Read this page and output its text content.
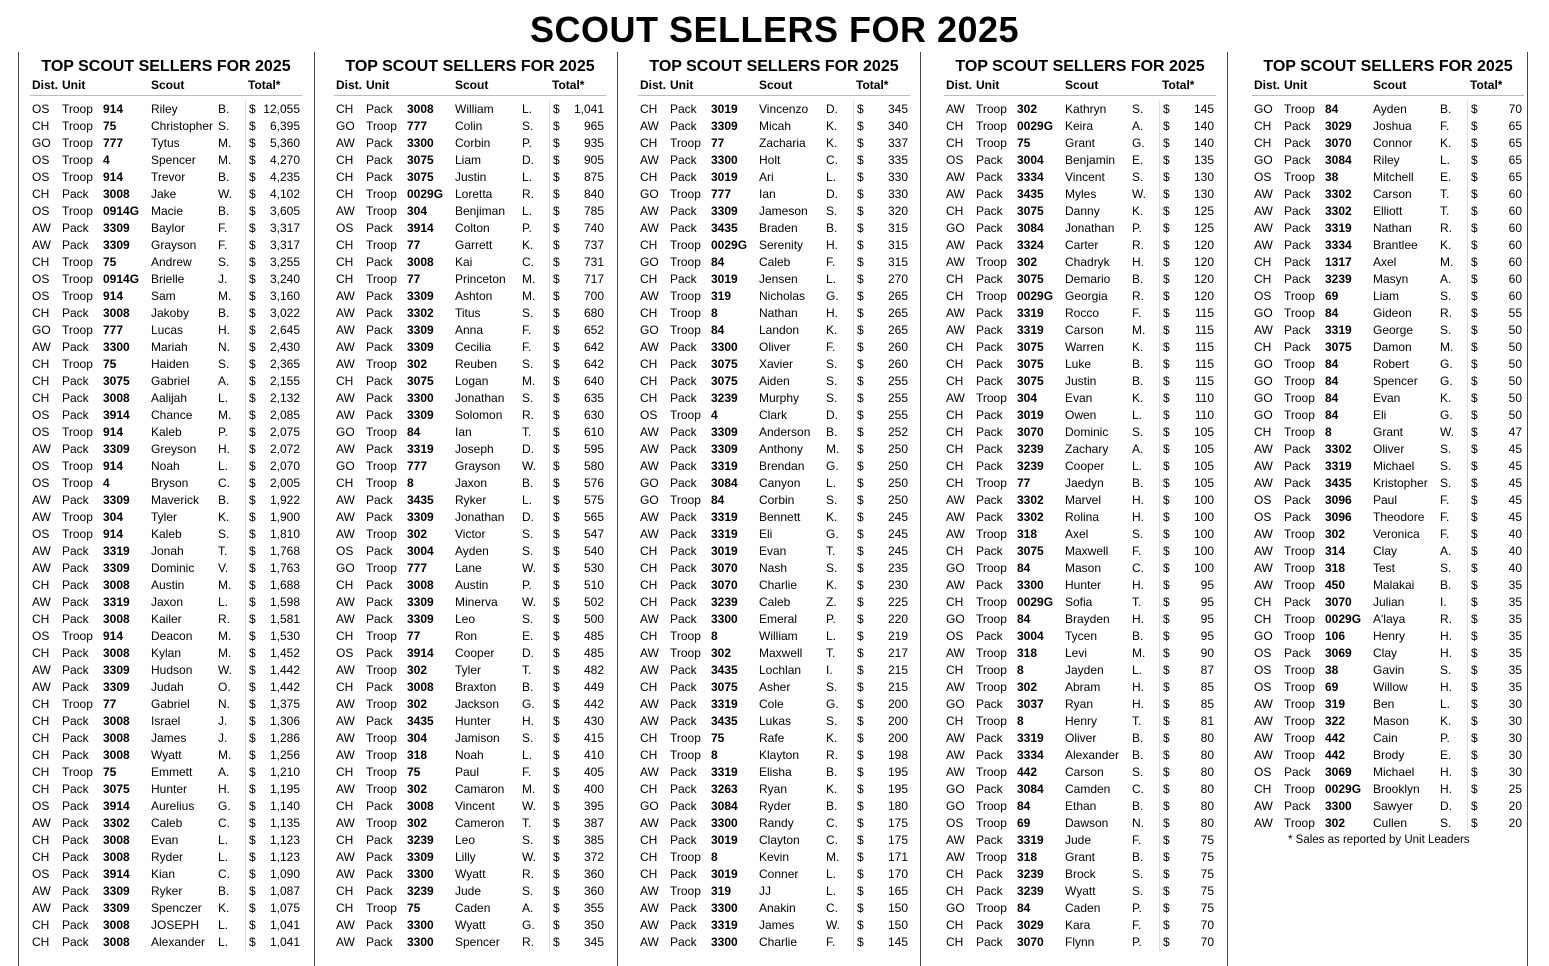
SCOUT SELLERS FOR 2025
TOP SCOUT SELLERS FOR 2025
Dist. Unit	Scout	Total*
OS	Troop 914	Riley	B.	$ 12,055
CH	Troop 75	Christopher S.	$	6,395
GO Troop 777	Tytus	M.	$	5,360
OS	Troop 4	Spencer	M.	$	4,270
OS	Troop 914	Trevor	B.	$	4,235
CH	Pack	3008	Jake	W.	$	4,102
OS	Troop 0914G Macie	B.	$	3,605
AW Pack	3309	Baylor	F.	$	3,317
AW Pack	3309	Grayson	F.	$	3,317
CH	Troop 75	Andrew	S.	$	3,255
OS	Troop 0914G Brielle	J.	$	3,240
OS	Troop 914	Sam	M.	$	3,160
CH	Pack	3008	Jakoby	B.	$	3,022
GO Troop 777	Lucas	H.	$	2,645
AW Pack	3300	Mariah	N.	$	2,430
CH	Troop 75	Haiden	S.	$	2,365
CH	Pack	3075	Gabriel	A.	$	2,155
CH	Pack	3008	Aalijah	L.	$	2,132
OS	Pack	3914	Chance	M.	$	2,085
OS	Troop 914	Kaleb	P.	$	2,075
AW Pack	3309	Greyson	H.	$	2,072
OS	Troop 914	Noah	L.	$	2,070
OS	Troop 4	Bryson	C.	$	2,005
AW Pack	3309	Maverick	B.	$	1,922
AW Troop 304	Tyler	K.	$	1,900
OS	Troop 914	Kaleb	S.	$	1,810
AW Pack	3319	Jonah	T.	$	1,768
AW Pack	3309	Dominic	V.	$	1,763
CH	Pack	3008	Austin	M.	$	1,688
AW Pack	3319	Jaxon	L.	$	1,598
CH	Pack	3008	Kailer	R.	$	1,581
OS	Troop 914	Deacon	M.	$	1,530
CH	Pack	3008	Kylan	M.	$	1,452
AW Pack	3309	Hudson	W.	$	1,442
AW Pack	3309	Judah	O.	$	1,442
CH	Troop 77	Gabriel	N.	$	1,375
CH	Pack	3008	Israel	J.	$	1,306
CH	Pack	3008	James	J.	$	1,286
CH	Pack	3008	Wyatt	M.	$	1,256
CH	Troop 75	Emmett	A.	$	1,210
CH	Pack	3075	Hunter	H.	$	1,195
OS	Pack	3914	Aurelius	G.	$	1,140
AW Pack	3302	Caleb	C.	$	1,135
CH	Pack	3008	Evan	L.	$	1,123
CH	Pack	3008	Ryder	L.	$	1,123
OS	Pack	3914	Kian	C.	$	1,090
AW Pack	3309	Ryker	B.	$	1,087
AW Pack	3309	Spenczer	K.	$	1,075
CH	Pack	3008	JOSEPH	L.	$	1,041
CH	Pack	3008	Alexander	L.	$	1,041
TOP SCOUT SELLERS FOR 2025
Dist. Unit	Scout	Total*
CH	Pack	3008	William	L.	$	1,041
GO Troop 777	Colin	S.	$	965
AW Pack	3300	Corbin	P.	$	935
CH	Pack	3075	Liam	D.	$	905
CH	Pack	3075	Justin	L.	$	875
CH	Troop 0029G Loretta	R.	$	840
AW Troop 304	Benjiman	L.	$	785
OS	Pack	3914	Colton	P.	$	740
CH	Troop 77	Garrett	K.	$	737
CH	Pack	3008	Kai	C.	$	731
CH	Troop 77	Princeton	M.	$	717
AW Pack	3309	Ashton	M.	$	700
AW Pack	3302	Titus	S.	$	680
AW Pack	3309	Anna	F.	$	652
AW Pack	3309	Cecilia	F.	$	642
AW Troop 302	Reuben	S.	$	642
CH	Pack	3075	Logan	M.	$	640
AW Pack	3300	Jonathan	S.	$	635
AW Pack	3309	Solomon	R.	$	630
GO Troop 84	Ian	T.	$	610
AW Pack	3319	Joseph	D.	$	595
GO Troop 777	Grayson	W.	$	580
CH	Troop 8	Jaxon	B.	$	576
AW Pack	3435	Ryker	L.	$	575
AW Pack	3309	Jonathan	D.	$	565
AW Troop 302	Victor	S.	$	547
OS	Pack	3004	Ayden	S.	$	540
GO Troop 777	Lane	W.	$	530
CH	Pack	3008	Austin	P.	$	510
AW Pack	3309	Minerva	W.	$	502
AW Pack	3309	Leo	S.	$	500
CH	Troop 77	Ron	E.	$	485
OS	Pack	3914	Cooper	D.	$	485
AW Troop 302	Tyler	T.	$	482
CH	Pack	3008	Braxton	B.	$	449
AW Troop 302	Jackson	G.	$	442
AW Pack	3435	Hunter	H.	$	430
AW Troop 304	Jamison	S.	$	415
AW Troop 318	Noah	L.	$	410
CH	Troop 75	Paul	F.	$	405
AW Troop 302	Camaron	M.	$	400
CH	Pack	3008	Vincent	W.	$	395
AW Troop 302	Cameron	T.	$	387
CH	Pack	3239	Leo	S.	$	385
AW Pack	3309	Lilly	W.	$	372
AW Pack	3300	Wyatt	R.	$	360
CH	Pack	3239	Jude	S.	$	360
CH	Troop 75	Caden	A.	$	355
AW Pack	3300	Wyatt	G.	$	350
AW Pack	3300	Spencer	R.	$	345
TOP SCOUT SELLERS FOR 2025
Dist. Unit	Scout	Total*
CH	Pack	3019	Vincenzo	D.	$	345
AW Pack	3309	Micah	K.	$	340
CH	Troop 77	Zacharia	K.	$	337
AW Pack	3300	Holt	C.	$	335
CH	Pack	3019	Ari	L.	$	330
GO Troop 777	Ian	D.	$	330
AW Pack	3309	Jameson	S.	$	320
AW Pack	3435	Braden	B.	$	315
CH	Troop 0029G Serenity	H.	$	315
GO Troop 84	Caleb	F.	$	315
CH	Pack	3019	Jensen	L.	$	270
AW Troop 319	Nicholas	G.	$	265
CH	Troop 8	Nathan	H.	$	265
GO Troop 84	Landon	K.	$	265
AW Pack	3300	Oliver	F.	$	260
CH	Pack	3075	Xavier	S.	$	260
CH	Pack	3075	Aiden	S.	$	255
CH	Pack	3239	Murphy	S.	$	255
OS	Troop 4	Clark	D.	$	255
AW Pack	3309	Anderson	B.	$	252
AW Pack	3309	Anthony	M.	$	250
AW Pack	3319	Brendan	G.	$	250
GO Pack	3084	Canyon	L.	$	250
GO Troop 84	Corbin	S.	$	250
AW Pack	3319	Bennett	K.	$	245
AW Pack	3319	Eli	G.	$	245
CH	Pack	3019	Evan	T.	$	245
CH	Pack	3070	Nash	S.	$	235
CH	Pack	3070	Charlie	K.	$	230
CH	Pack	3239	Caleb	Z.	$	225
AW Pack	3300	Emeral	P.	$	220
CH	Troop 8	William	L.	$	219
AW Troop 302	Maxwell	T.	$	217
AW Pack	3435	Lochlan	I.	$	215
CH	Pack	3075	Asher	S.	$	215
AW Pack	3319	Cole	G.	$	200
AW Pack	3435	Lukas	S.	$	200
CH	Troop 75	Rafe	K.	$	200
CH	Troop 8	Klayton	R.	$	198
AW Pack	3319	Elisha	B.	$	195
CH	Pack	3263	Ryan	K.	$	195
GO Pack	3084	Ryder	B.	$	180
AW Pack	3300	Randy	C.	$	175
CH	Pack	3019	Clayton	C.	$	175
CH	Troop 8	Kevin	M.	$	171
CH	Pack	3019	Conner	L.	$	170
AW Troop 319	JJ	L.	$	165
AW Pack	3300	Anakin	C.	$	150
AW Pack	3319	James	W.	$	150
AW Pack	3300	Charlie	F.	$	145
TOP SCOUT SELLERS FOR 2025
Dist. Unit	Scout	Total*
AW Troop 302	Kathryn	S.	$	145
CH	Troop 0029G Keira	A.	$	140
CH	Troop 75	Grant	G.	$	140
OS	Pack	3004	Benjamin	E.	$	135
AW Pack	3334	Vincent	S.	$	130
AW Pack	3435	Myles	W.	$	130
CH	Pack	3075	Danny	K.	$	125
GO Pack	3084	Jonathan	P.	$	125
AW Pack	3324	Carter	R.	$	120
AW Troop 302	Chadryk	H.	$	120
CH	Pack	3075	Demario	B.	$	120
CH	Troop 0029G Georgia	R.	$	120
AW Pack	3319	Rocco	F.	$	115
AW Pack	3319	Carson	M.	$	115
CH	Pack	3075	Warren	K.	$	115
CH	Pack	3075	Luke	B.	$	115
CH	Pack	3075	Justin	B.	$	115
AW Troop 304	Evan	K.	$	110
CH	Pack	3019	Owen	L.	$	110
CH	Pack	3070	Dominic	S.	$	105
CH	Pack	3239	Zachary	A.	$	105
CH	Pack	3239	Cooper	L.	$	105
CH	Troop 77	Jaedyn	B.	$	105
AW Pack	3302	Marvel	H.	$	100
AW Pack	3302	Rolina	H.	$	100
AW Troop 318	Axel	S.	$	100
CH	Pack	3075	Maxwell	F.	$	100
GO Troop 84	Mason	C.	$	100
AW Pack	3300	Hunter	H.	$	95
CH	Troop 0029G Sofia	T.	$	95
GO Troop 84	Brayden	H.	$	95
OS	Pack	3004	Tycen	B.	$	95
AW Troop 318	Levi	M.	$	90
CH	Troop 8	Jayden	L.	$	87
AW Troop 302	Abram	H.	$	85
GO Pack	3037	Ryan	H.	$	85
CH	Troop 8	Henry	T.	$	81
AW Pack	3319	Oliver	B.	$	80
AW Pack	3334	Alexander	B.	$	80
AW Troop 442	Carson	S.	$	80
GO Pack	3084	Camden	C.	$	80
GO Troop 84	Ethan	B.	$	80
OS	Troop 69	Dawson	N.	$	80
AW Pack	3319	Jude	F.	$	75
AW Troop 318	Grant	B.	$	75
CH	Pack	3239	Brock	S.	$	75
CH	Pack	3239	Wyatt	S.	$	75
GO Troop 84	Caden	P.	$	75
CH	Pack	3029	Kara	F.	$	70
CH	Pack	3070	Flynn	P.	$	70
TOP SCOUT SELLERS FOR 2025
Dist. Unit	Scout	Total*
GO Troop 84	Ayden	B.	$	70
CH	Pack	3029	Joshua	F.	$	65
CH	Pack	3070	Connor	K.	$	65
GO Pack	3084	Riley	L.	$	65
OS	Troop 38	Mitchell	E.	$	65
AW Pack	3302	Carson	T.	$	60
AW Pack	3302	Elliott	T.	$	60
AW Pack	3319	Nathan	R.	$	60
AW Pack	3334	Brantlee	K.	$	60
CH	Pack	1317	Axel	M.	$	60
CH	Pack	3239	Masyn	A.	$	60
OS	Troop 69	Liam	S.	$	60
GO Troop 84	Gideon	R.	$	55
AW Pack	3319	George	S.	$	50
CH	Pack	3075	Damon	M.	$	50
GO Troop 84	Robert	G.	$	50
GO Troop 84	Spencer	G.	$	50
GO Troop 84	Evan	K.	$	50
GO Troop 84	Eli	G.	$	50
CH	Troop 8	Grant	W.	$	47
AW Pack	3302	Oliver	S.	$	45
AW Pack	3319	Michael	S.	$	45
AW Pack	3435	Kristopher	S.	$	45
OS	Pack	3096	Paul	F.	$	45
OS	Pack	3096	Theodore	F.	$	45
AW Troop 302	Veronica	F.	$	40
AW Troop 314	Clay	A.	$	40
AW Troop 318	Test	S.	$	40
AW Troop 450	Malakai	B.	$	35
CH	Pack	3070	Julian	I.	$	35
CH	Troop 0029G A'laya	R.	$	35
GO Troop 106	Henry	H.	$	35
OS	Pack	3069	Clay	H.	$	35
OS	Troop 38	Gavin	S.	$	35
OS	Troop 69	Willow	H.	$	35
AW Troop 319	Ben	L.	$	30
AW Troop 322	Mason	K.	$	30
AW Troop 442	Cain	P.	$	30
AW Troop 442	Brody	E.	$	30
OS	Pack	3069	Michael	H.	$	30
CH	Troop 0029G Brooklyn	H.	$	25
AW Pack	3300	Sawyer	D.	$	20
AW Troop 302	Cullen	S.	$	20
* Sales as reported by Unit Leaders
